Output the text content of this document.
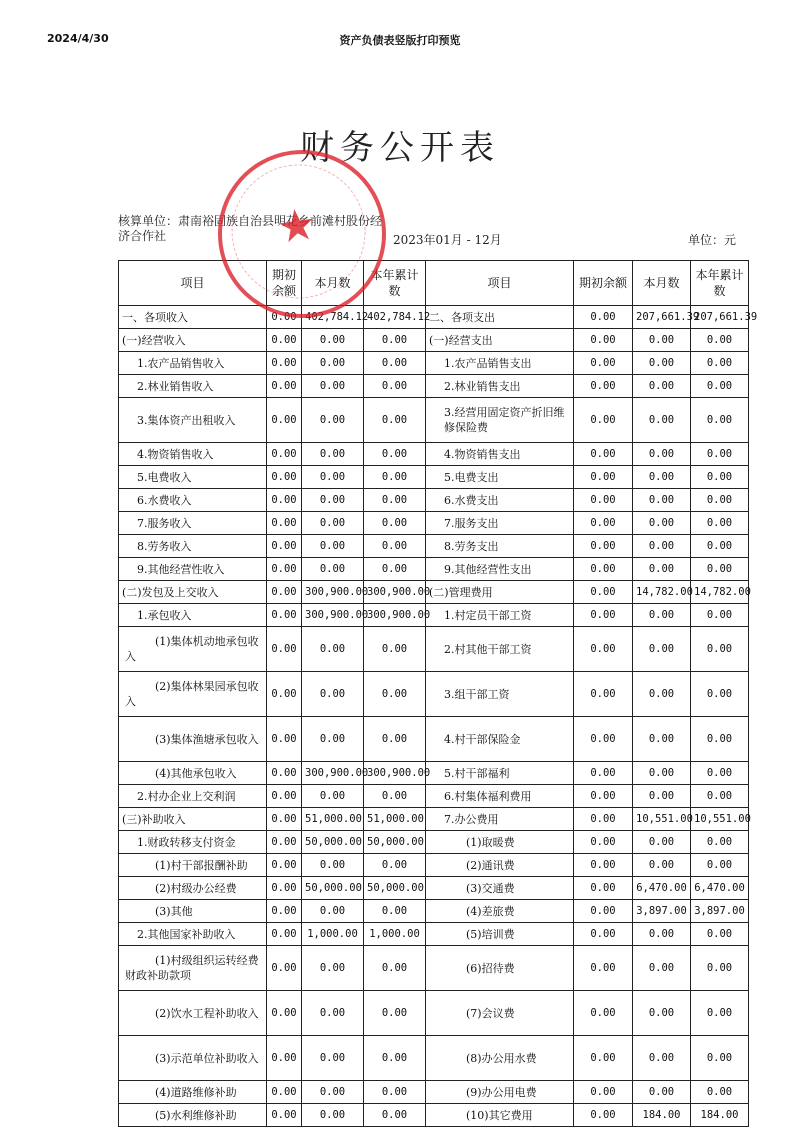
2024/4/30	资产负债表竖版打印预览
财务公开表
核算单位：肃南裕固族自治县明花乡前滩村股份经济合作社	2023年01月 - 12月	单位：元
项目	期初余额	本月数	本年累计数	项目	期初余额	本月数	本年累计数
一、各项收入	0.00	402,784.12	402,784.12	二、各项支出	0.00	207,661.39	207,661.39
(一)经营收入	0.00	0.00	0.00	(一)经营支出	0.00	0.00	0.00
1.农产品销售收入	0.00	0.00	0.00	1.农产品销售支出	0.00	0.00	0.00
2.林业销售收入	0.00	0.00	0.00	2.林业销售支出	0.00	0.00	0.00
3.集体资产出租收入	0.00	0.00	0.00	3.经营用固定资产折旧维修保险费	0.00	0.00	0.00
4.物资销售收入	0.00	0.00	0.00	4.物资销售支出	0.00	0.00	0.00
5.电费收入	0.00	0.00	0.00	5.电费支出	0.00	0.00	0.00
6.水费收入	0.00	0.00	0.00	6.水费支出	0.00	0.00	0.00
7.服务收入	0.00	0.00	0.00	7.服务支出	0.00	0.00	0.00
8.劳务收入	0.00	0.00	0.00	8.劳务支出	0.00	0.00	0.00
9.其他经营性收入	0.00	0.00	0.00	9.其他经营性支出	0.00	0.00	0.00
(二)发包及上交收入	0.00	300,900.00	300,900.00	(二)管理费用	0.00	14,782.00	14,782.00
1.承包收入	0.00	300,900.00	300,900.00	1.村定员干部工资	0.00	0.00	0.00
(1)集体机动地承包收入	0.00	0.00	0.00	2.村其他干部工资	0.00	0.00	0.00
(2)集体林果园承包收入	0.00	0.00	0.00	3.组干部工资	0.00	0.00	0.00
(3)集体渔塘承包收入	0.00	0.00	0.00	4.村干部保险金	0.00	0.00	0.00
(4)其他承包收入	0.00	300,900.00	300,900.00	5.村干部福利	0.00	0.00	0.00
2.村办企业上交利润	0.00	0.00	0.00	6.村集体福利费用	0.00	0.00	0.00
(三)补助收入	0.00	51,000.00	51,000.00	7.办公费用	0.00	10,551.00	10,551.00
1.财政转移支付资金	0.00	50,000.00	50,000.00	(1)取暖费	0.00	0.00	0.00
(1)村干部报酬补助	0.00	0.00	0.00	(2)通讯费	0.00	0.00	0.00
(2)村级办公经费	0.00	50,000.00	50,000.00	(3)交通费	0.00	6,470.00	6,470.00
(3)其他	0.00	0.00	0.00	(4)差旅费	0.00	3,897.00	3,897.00
2.其他国家补助收入	0.00	1,000.00	1,000.00	(5)培训费	0.00	0.00	0.00
(1)村级组织运转经费财政补助款项	0.00	0.00	0.00	(6)招待费	0.00	0.00	0.00
(2)饮水工程补助收入	0.00	0.00	0.00	(7)会议费	0.00	0.00	0.00
(3)示范单位补助收入	0.00	0.00	0.00	(8)办公用水费	0.00	0.00	0.00
(4)道路维修补助	0.00	0.00	0.00	(9)办公用电费	0.00	0.00	0.00
(5)水利维修补助	0.00	0.00	0.00	(10)其它费用	0.00	184.00	184.00
★
